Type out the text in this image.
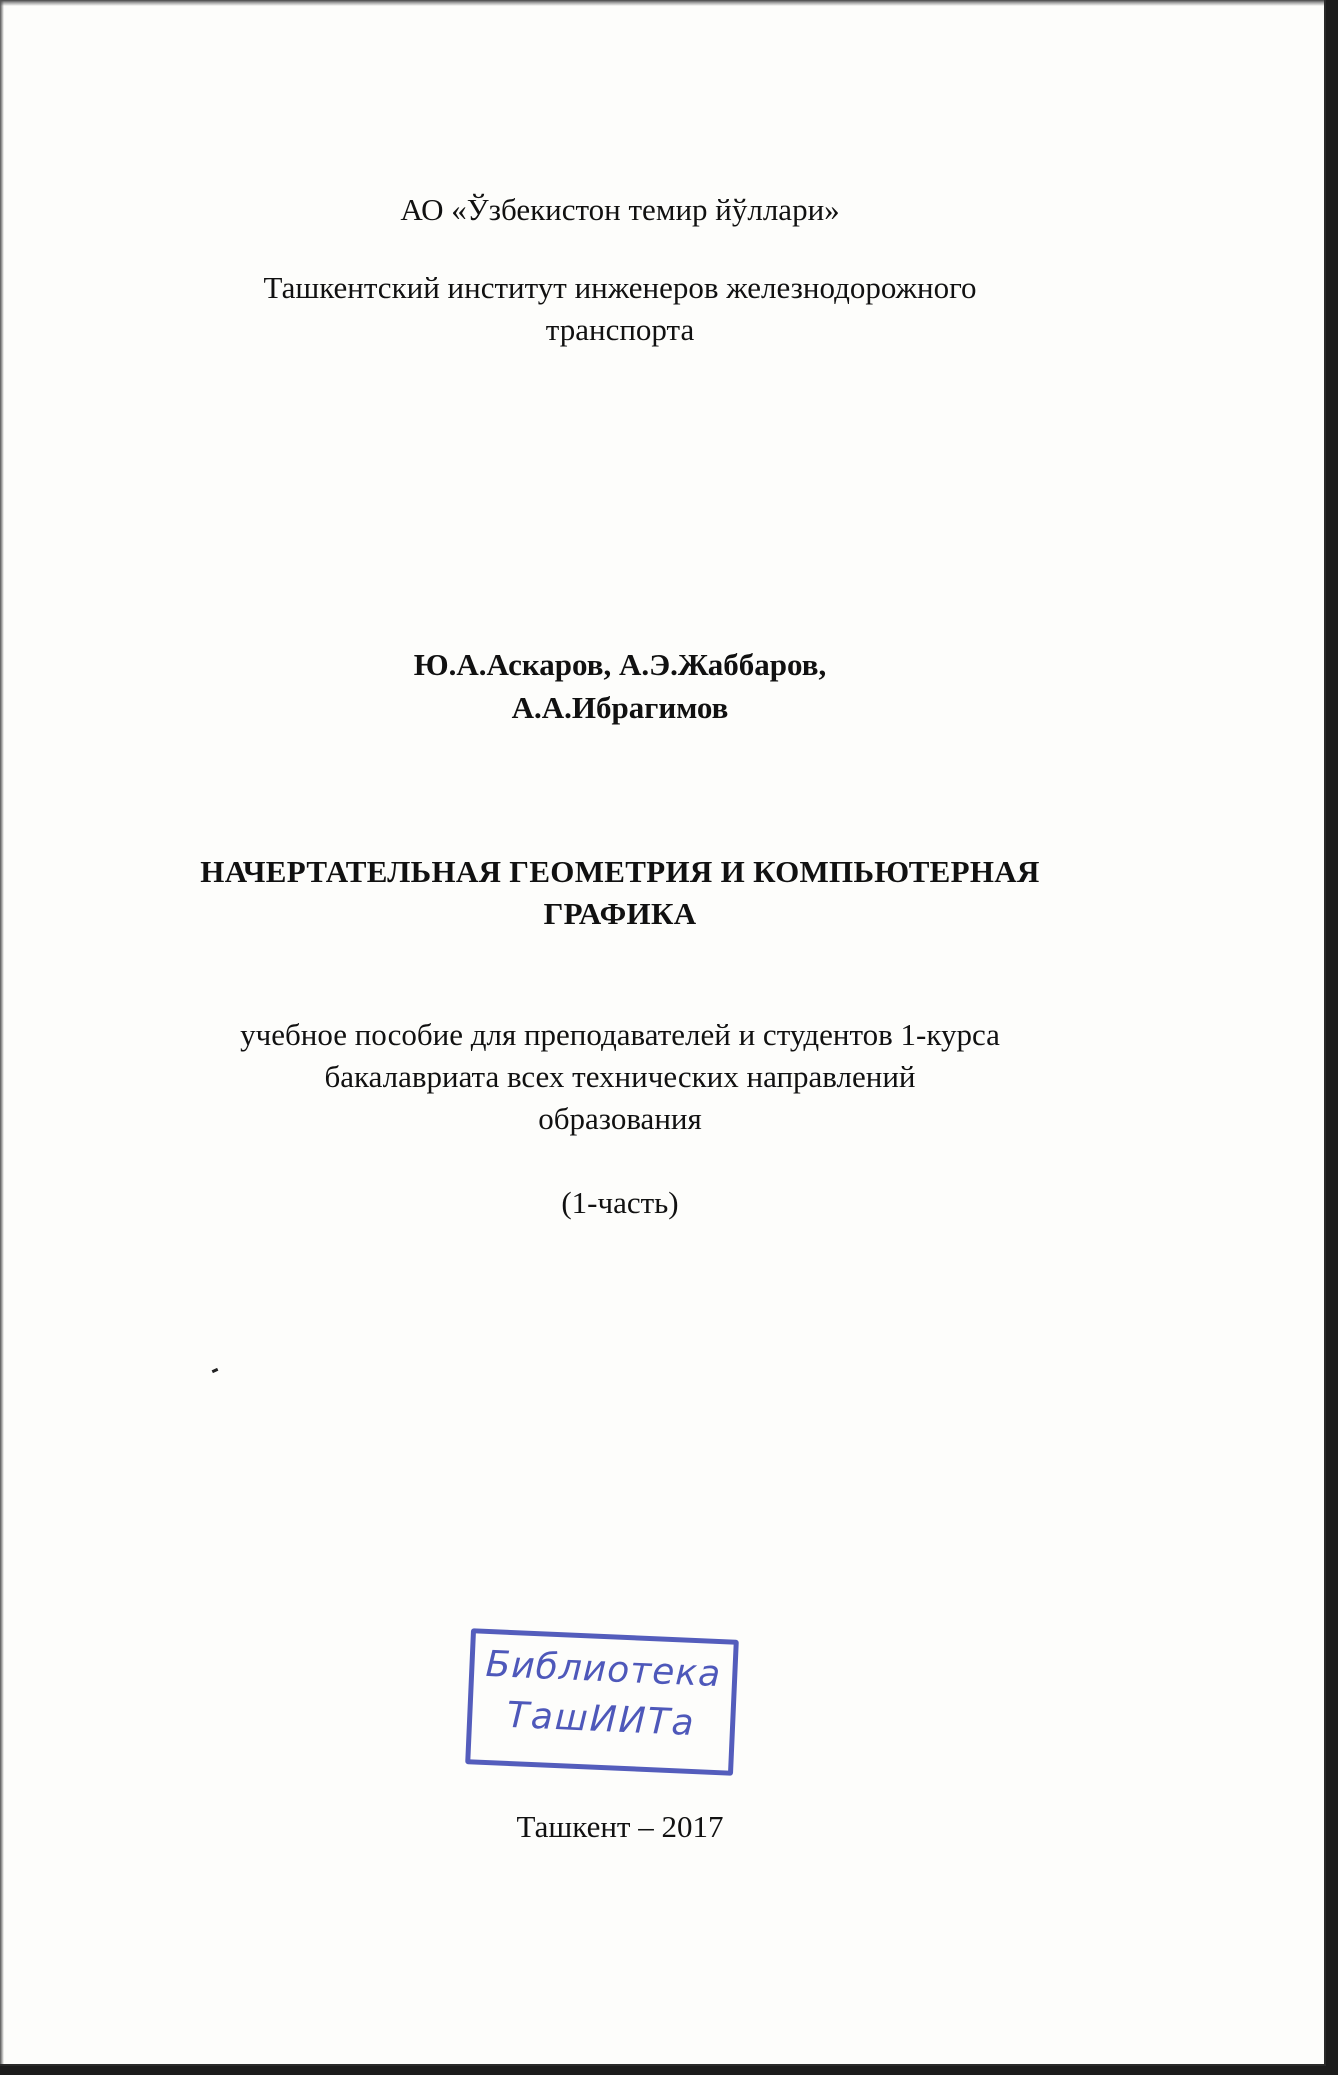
АО «Ўзбекистон темир йўллари»

Ташкентский институт инженеров железнодорожного

транспорта

Ю.А.Аскаров, А.Э.Жаббаров,

А.А.Ибрагимов

НАЧЕРТАТЕЛЬНАЯ ГЕОМЕТРИЯ И КОМПЬЮТЕРНАЯ

ГРАФИКА

учебное пособие для преподавателей и студентов 1-курса

бакалавриата всех технических направлений

образования

(1-часть)

Библиотека
ТашИИТа

Ташкент – 2017
